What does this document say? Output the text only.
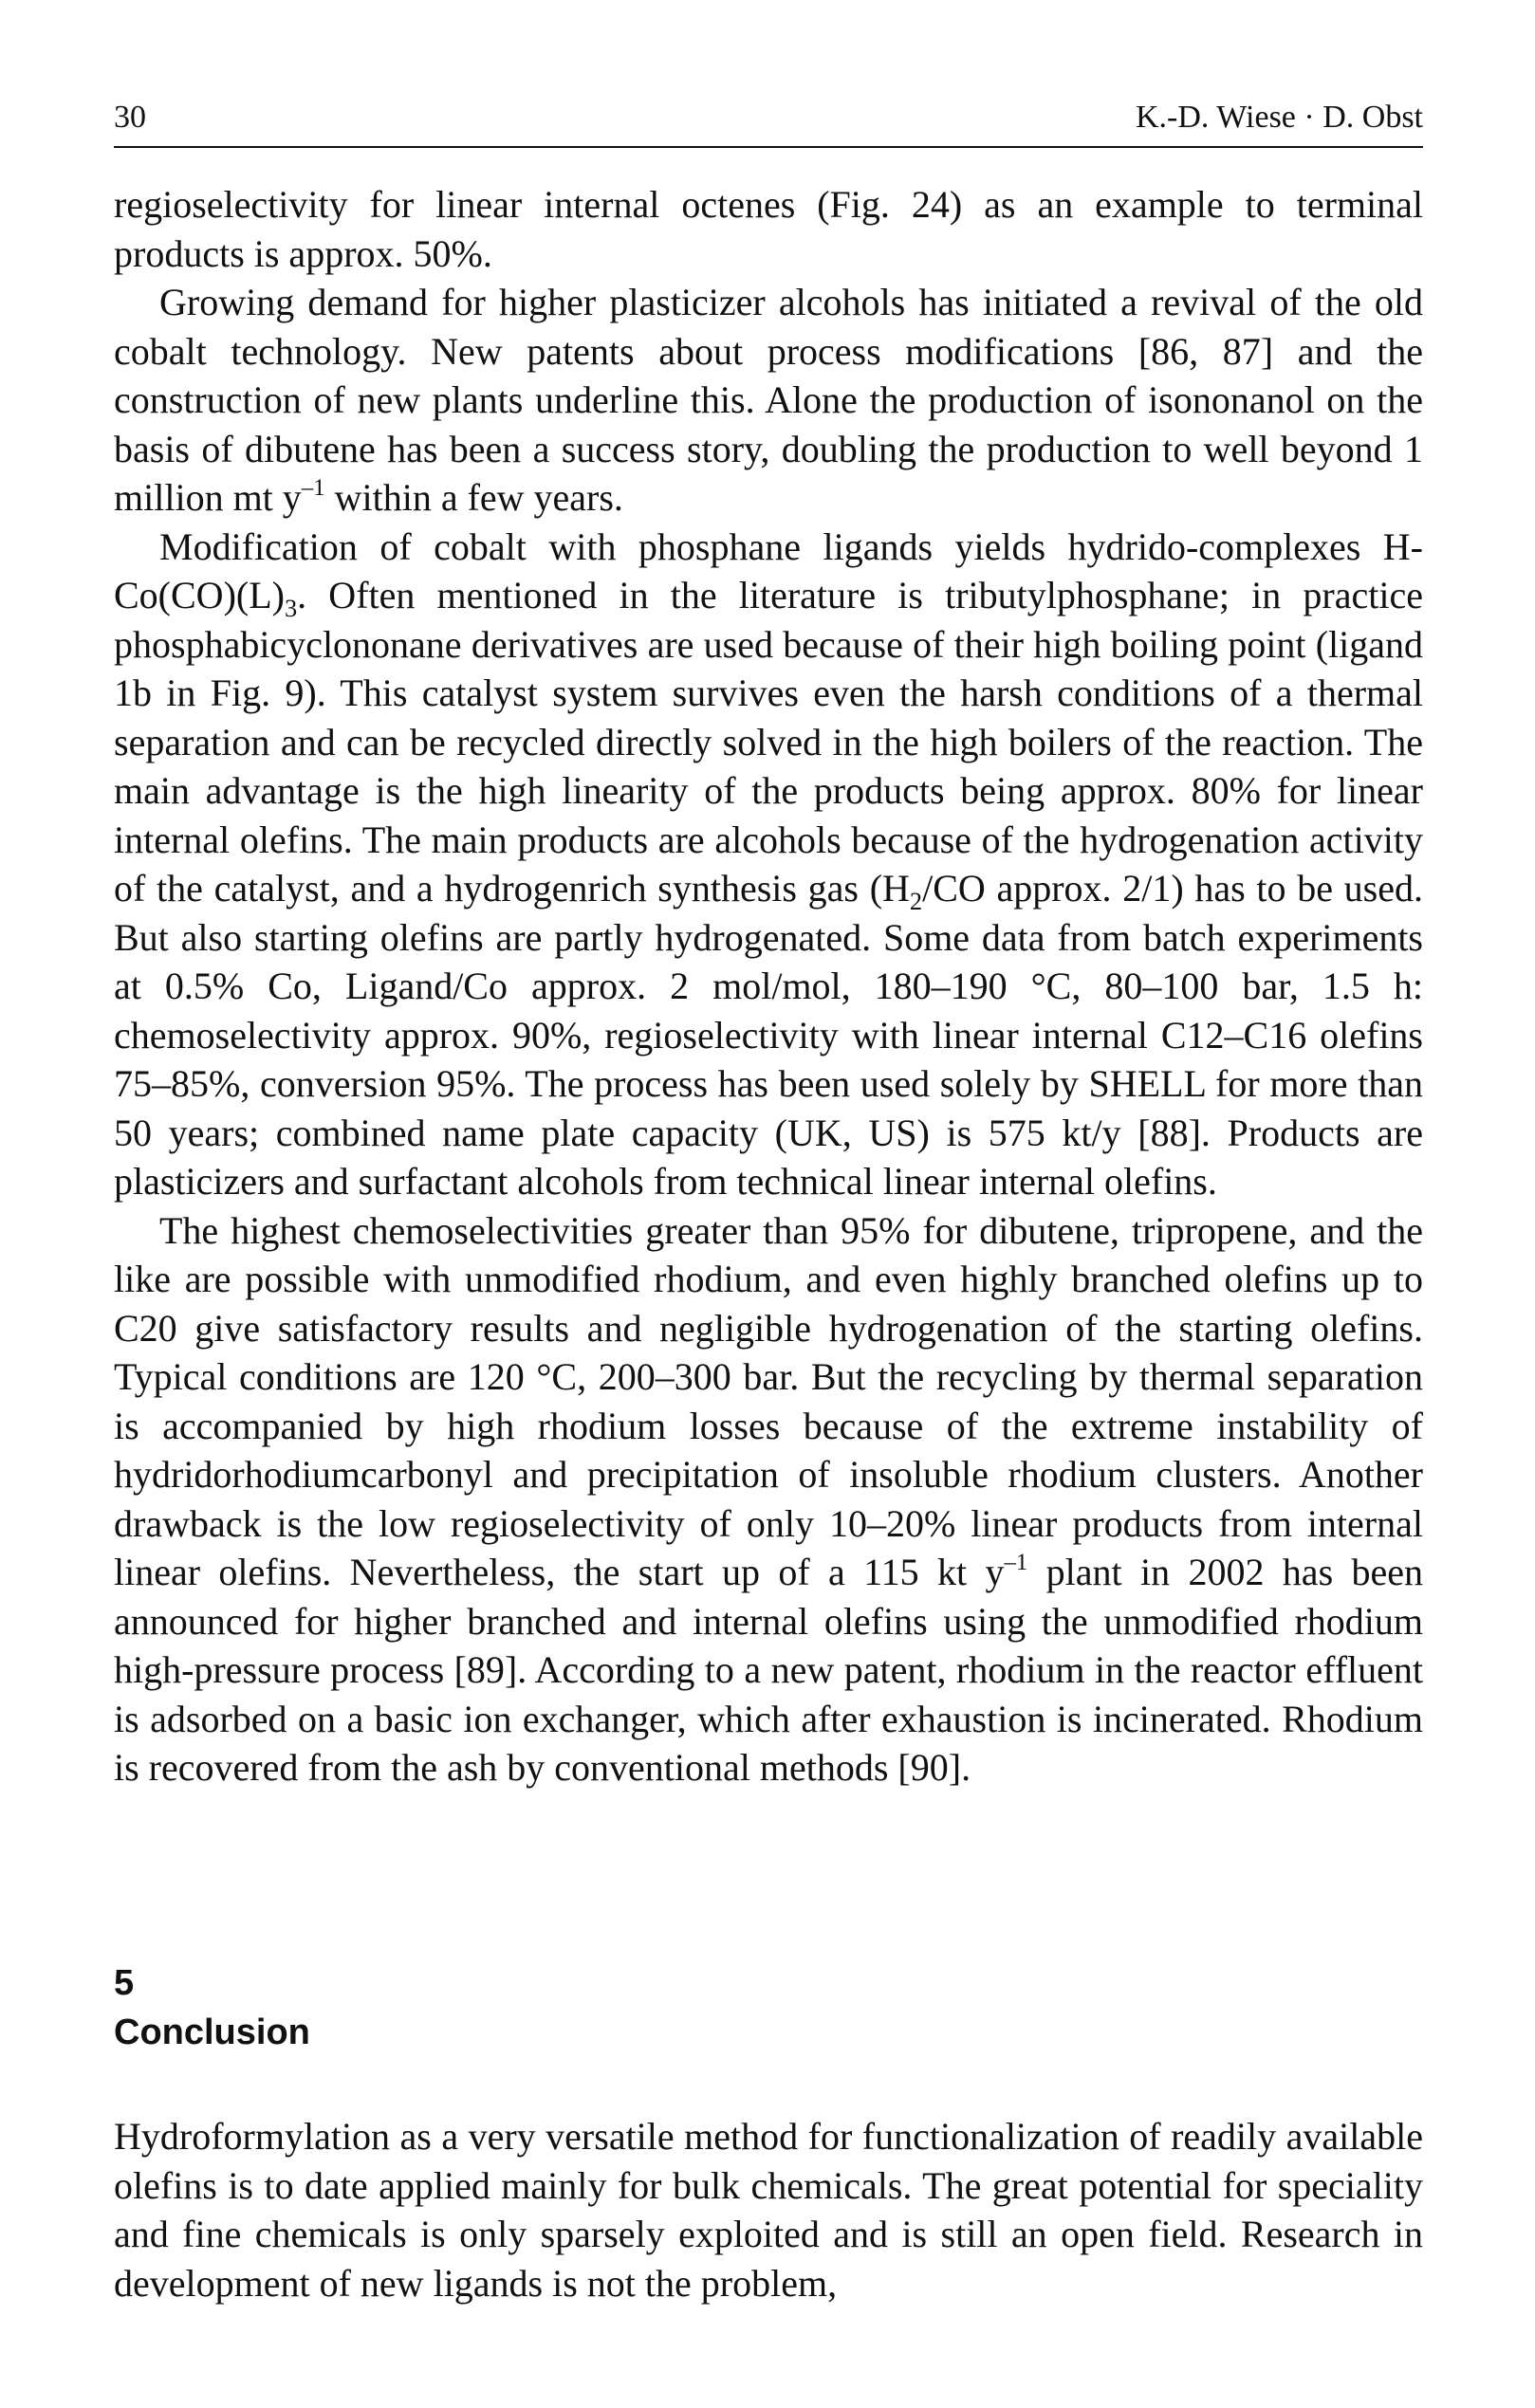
30	K.-D. Wiese · D. Obst

regioselectivity for linear internal octenes (Fig. 24) as an example to terminal products is approx. 50%.

Growing demand for higher plasticizer alcohols has initiated a revival of the old cobalt technology. New patents about process modifications [86, 87] and the construction of new plants underline this. Alone the production of isononanol on the basis of dibutene has been a success story, doubling the production to well beyond 1 million mt $y^{-1}$ within a few years.

Modification of cobalt with phosphane ligands yields hydrido-complexes $H-Co(CO)(L)_3$. Often mentioned in the literature is tributylphosphane; in practice phosphabicyclononane derivatives are used because of their high boiling point (ligand 1b in Fig. 9). This catalyst system survives even the harsh conditions of a thermal separation and can be recycled directly solved in the high boilers of the reaction. The main advantage is the high linearity of the products being approx. 80% for linear internal olefins. The main products are alcohols because of the hydrogenation activity of the catalyst, and a hydrogenrich synthesis gas ($H_2/CO$ approx. 2/1) has to be used. But also starting olefins are partly hydrogenated. Some data from batch experiments at 0.5% Co, Ligand/Co approx. 2 mol/mol, 180–190 °C, 80–100 bar, 1.5 h: chemoselectivity approx. 90%, regioselectivity with linear internal C12–C16 olefins 75–85%, conversion 95%. The process has been used solely by SHELL for more than 50 years; combined name plate capacity (UK, US) is 575 kt/y [88]. Products are plasticizers and surfactant alcohols from technical linear internal olefins.

The highest chemoselectivities greater than 95% for dibutene, tripropene, and the like are possible with unmodified rhodium, and even highly branched olefins up to C20 give satisfactory results and negligible hydrogenation of the starting olefins. Typical conditions are 120 °C, 200–300 bar. But the recycling by thermal separation is accompanied by high rhodium losses because of the extreme instability of hydridorhodiumcarbonyl and precipitation of insoluble rhodium clusters. Another drawback is the low regioselectivity of only 10–20% linear products from internal linear olefins. Nevertheless, the start up of a 115 kt $y^{-1}$ plant in 2002 has been announced for higher branched and internal olefins using the unmodified rhodium high-pressure process [89]. According to a new patent, rhodium in the reactor effluent is adsorbed on a basic ion exchanger, which after exhaustion is incinerated. Rhodium is recovered from the ash by conventional methods [90].

5
Conclusion

Hydroformylation as a very versatile method for functionalization of readily available olefins is to date applied mainly for bulk chemicals. The great potential for speciality and fine chemicals is only sparsely exploited and is still an open field. Research in development of new ligands is not the problem,
